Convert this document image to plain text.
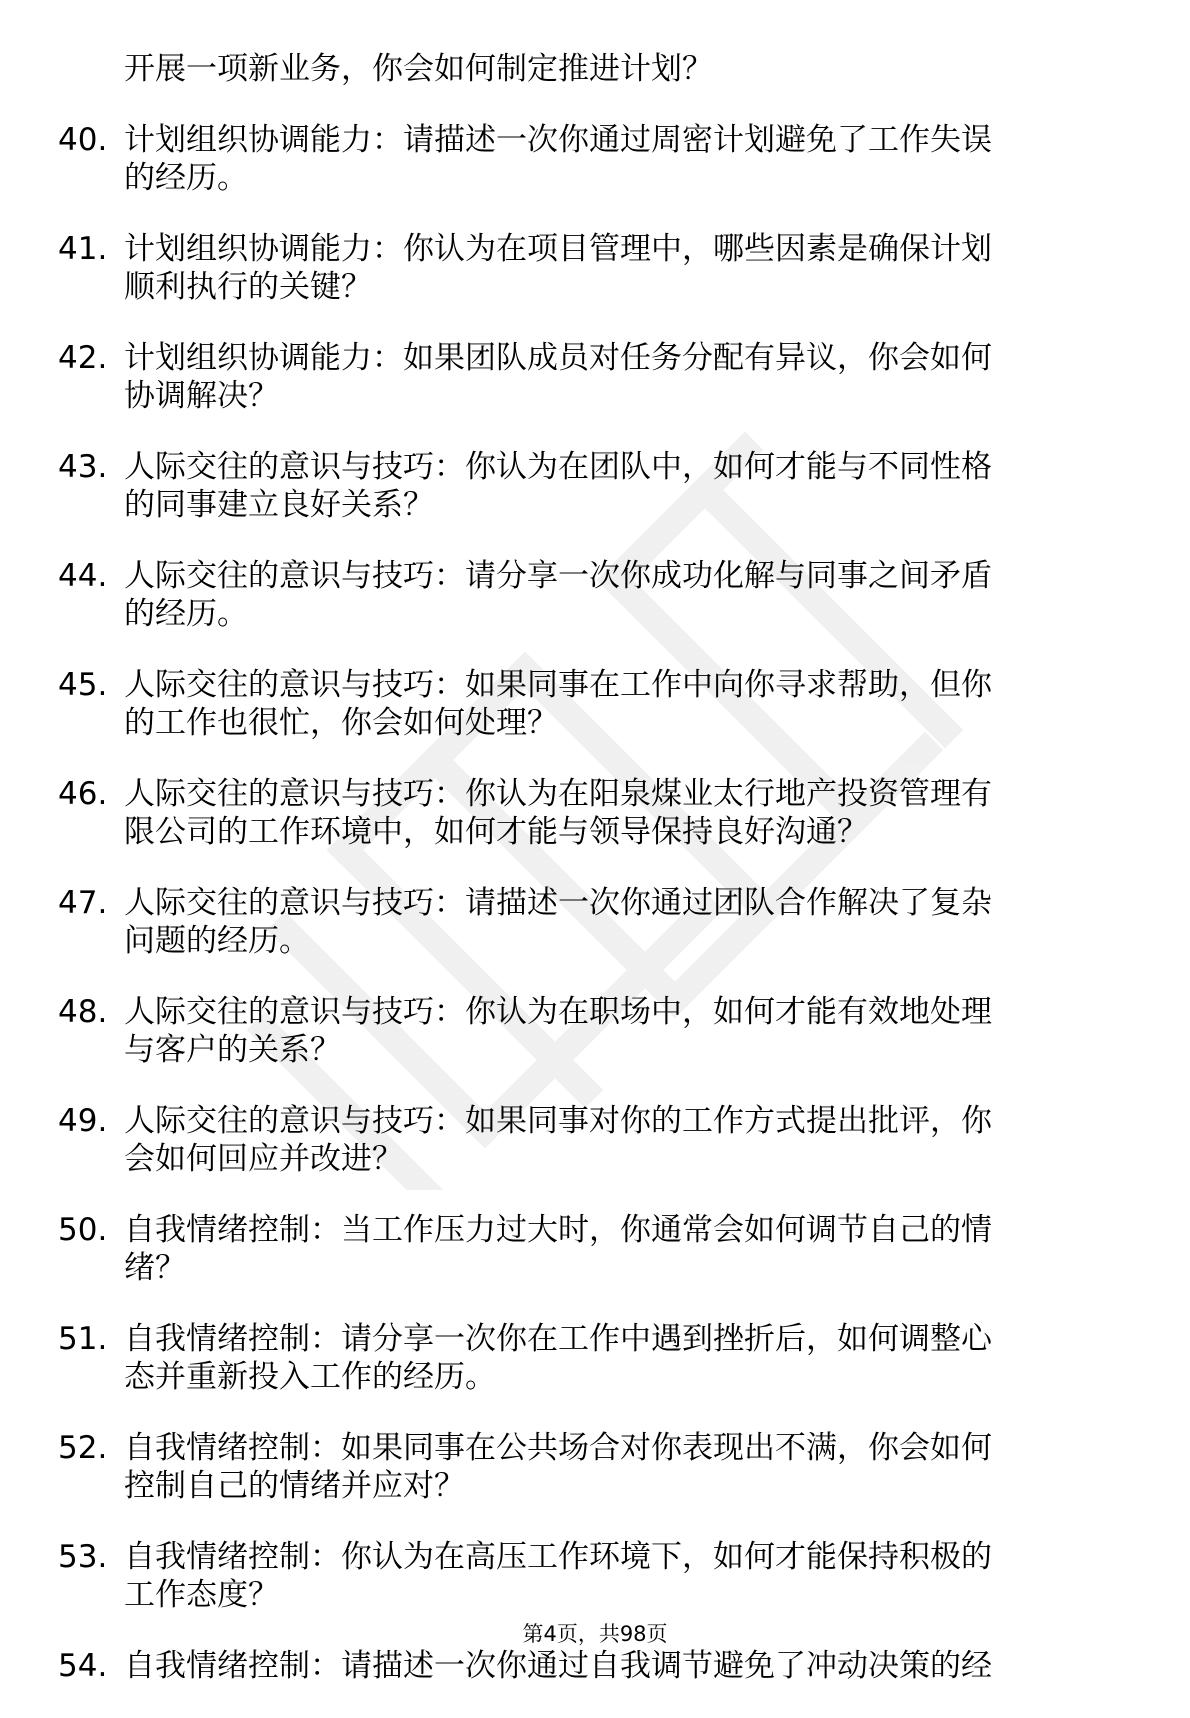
开展一项新业务，你会如何制定推进计划？
40. 计划组织协调能力：请描述一次你通过周密计划避免了工作失误
的经历。
41. 计划组织协调能力：你认为在项目管理中，哪些因素是确保计划
顺利执行的关键？
42. 计划组织协调能力：如果团队成员对任务分配有异议，你会如何
协调解决？
43. 人际交往的意识与技巧：你认为在团队中，如何才能与不同性格
的同事建立良好关系？
44. 人际交往的意识与技巧：请分享一次你成功化解与同事之间矛盾
的经历。
45. 人际交往的意识与技巧：如果同事在工作中向你寻求帮助，但你
的工作也很忙，你会如何处理？
46. 人际交往的意识与技巧：你认为在阳泉煤业太行地产投资管理有
限公司的工作环境中，如何才能与领导保持良好沟通？
47. 人际交往的意识与技巧：请描述一次你通过团队合作解决了复杂
问题的经历。
48. 人际交往的意识与技巧：你认为在职场中，如何才能有效地处理
与客户的关系？
49. 人际交往的意识与技巧：如果同事对你的工作方式提出批评，你
会如何回应并改进？
50. 自我情绪控制：当工作压力过大时，你通常会如何调节自己的情
绪？
51. 自我情绪控制：请分享一次你在工作中遇到挫折后，如何调整心
态并重新投入工作的经历。
52. 自我情绪控制：如果同事在公共场合对你表现出不满，你会如何
控制自己的情绪并应对？
53. 自我情绪控制：你认为在高压工作环境下，如何才能保持积极的
工作态度？
54. 自我情绪控制：请描述一次你通过自我调节避免了冲动决策的经
第4页，共98页
